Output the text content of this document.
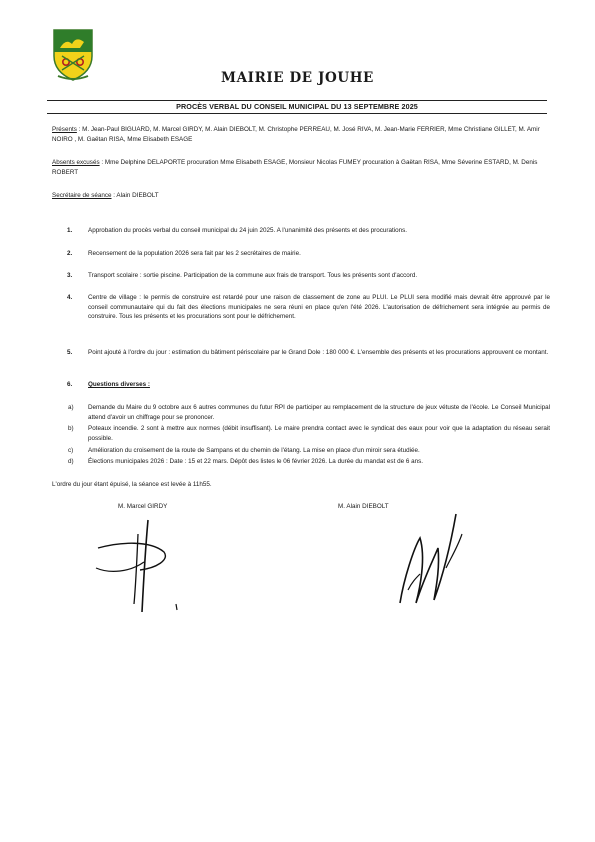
MAIRIE DE JOUHE
PROCÈS VERBAL DU CONSEIL MUNICIPAL DU 13 SEPTEMBRE 2025
Présents : M. Jean-Paul BIGUARD, M. Marcel GIRDY, M. Alain DIEBOLT, M. Christophe PERREAU, M. José RIVA, M. Jean-Marie FERRIER, Mme Christiane GILLET, M. Amir NOIRO , M. Gaëtan RISA, Mme Elisabeth ESAGE
Absents excusés : Mme Delphine DELAPORTE procuration Mme Elisabeth ESAGE, Monsieur Nicolas FUMEY procuration à Gaëtan RISA, Mme Séverine ESTARD, M. Denis ROBERT
Secrétaire de séance : Alain DIEBOLT
1. Approbation du procès verbal du conseil municipal du 24 juin 2025. A l'unanimité des présents et des procurations.
2. Recensement de la population 2026 sera fait par les 2 secrétaires de mairie.
3. Transport scolaire : sortie piscine. Participation de la commune aux frais de transport. Tous les présents sont d'accord.
4. Centre de village : le permis de construire est retardé pour une raison de classement de zone au PLUI. Le PLUI sera modifié mais devrait être approuvé par le conseil communautaire qui du fait des élections municipales ne sera réuni en place qu'en l'été 2026. L'autorisation de défrichement sera intégrée au permis de construire. Tous les présents et les procurations sont pour le défrichement.
5. Point ajouté à l'ordre du jour : estimation du bâtiment périscolaire par le Grand Dole : 180 000 €. L'ensemble des présents et les procurations approuvent ce montant.
6. Questions diverses :
a) Demande du Maire du 9 octobre aux 6 autres communes du futur RPI de participer au remplacement de la structure de jeux vétuste de l'école. Le Conseil Municipal attend d'avoir un chiffrage pour se prononcer.
b) Poteaux incendie. 2 sont à mettre aux normes (débit insuffisant). Le maire prendra contact avec le syndicat des eaux pour voir que la adaptation du réseau serait possible.
c) Amélioration du croisement de la route de Sampans et du chemin de l'étang. La mise en place d'un miroir sera étudiée.
d) Élections municipales 2026 : Date : 15 et 22 mars. Dépôt des listes le 06 février 2026. La durée du mandat est de 6 ans.
L'ordre du jour étant épuisé, la séance est levée à 11h55.
M. Marcel GIRDY	M. Alain DIEBOLT
